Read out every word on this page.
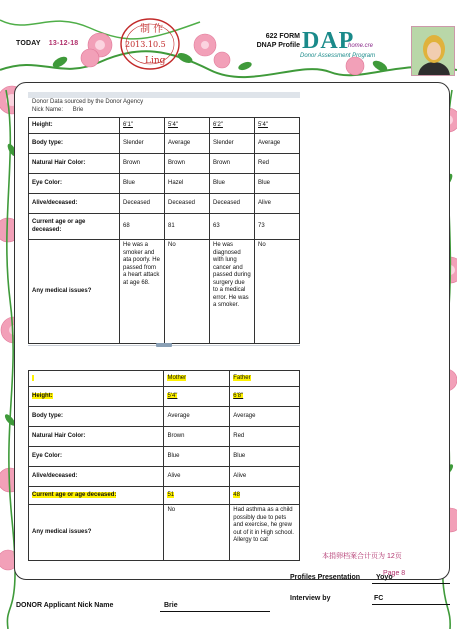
TODAY 13-12-18
制 作
2013.10.5
Ling
622 FORM
DNAP Profile DAP
home.cre
Donor Assessment Program
Donor Data sourced by the Donor Agency
Nick Name: Brie
Height:	6'1"	5'4"	6'2"	5'4"
Body type:	Slender	Average	Slender	Average
Natural Hair Color:	Brown	Brown	Brown	Red
Eye Color:	Blue	Hazel	Blue	Blue
Alive/deceased:	Deceased	Deceased	Deceased	Alive
Current age or age deceased:	68	81	63	73
Any medical issues?	He was a smoker and ata poorly. He passed from a heart attack at age 68.	No	He was diagnosed with lung cancer and passed during surgery due to a medical error. He was a smoker.	No
	Mother	Father
Height:	5'4"	6'8"
Body type:	Average	Average
Natural Hair Color:	Brown	Red
Eye Color:	Blue	Blue
Alive/deceased:	Alive	Alive
Current age or age deceased:	51	48
Any medical issues?	No	Had asthma as a child possibly due to pets and exercise, he grew out of it in High school. Allergy to cat
本捐卵档案合计页为 12页
Page 8
Profiles Presentation Yoyo
Interview by	FC
DONOR Applicant Nick Name	Brie
